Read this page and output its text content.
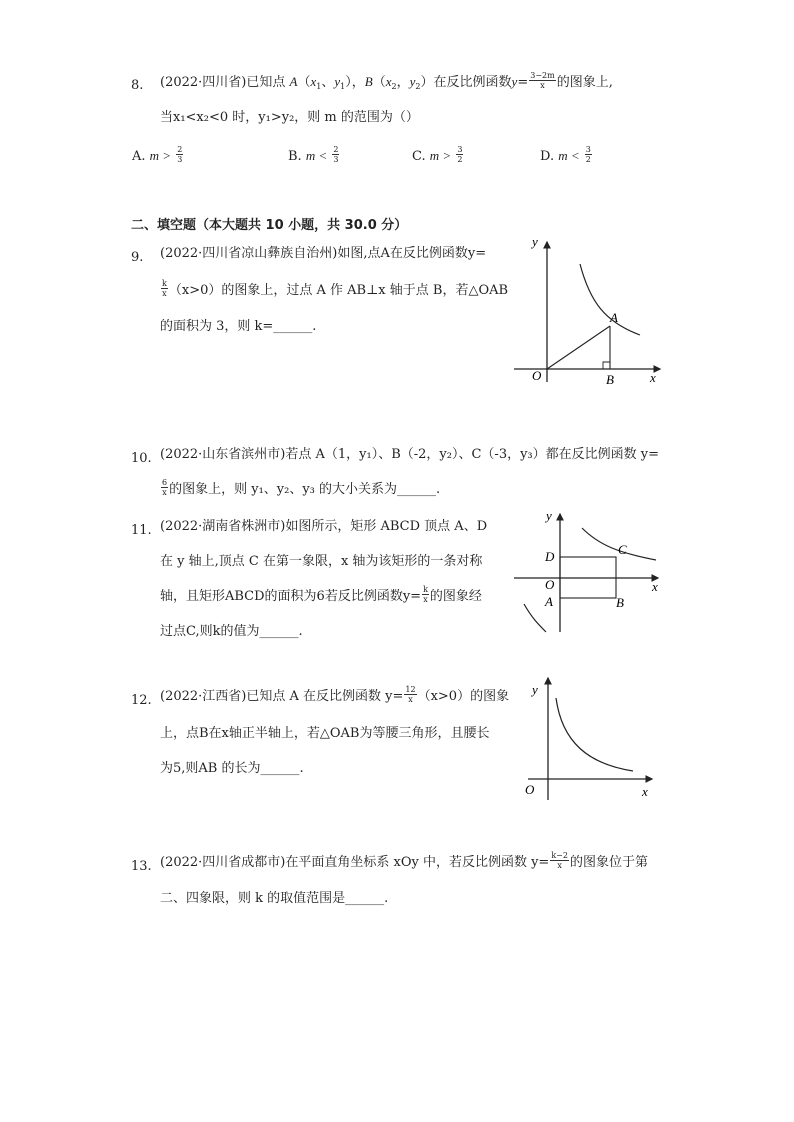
8. (2022·四川省)已知点 $A(x_1$、$y_1$），$B(x_2$，$y_2$）在反比例函数$y= \frac{3-2m}{x}$ 的图象上,
当x₁<x₂<0 时，y₁>y₂，则 m 的范围为（）
A. $m > \frac{2}{3}$	B. $m < \frac{2}{3}$	C. $m > \frac{3}{2}$	D. $m < \frac{3}{2}$
二、填空题（本大题共 10 小题，共 30.0 分）
9. (2022·四川省凉山彝族自治州)如图,点A在反比例函数y=
$\frac{k}{x} (x>0)$的图象上，过点 A 作 AB⊥x 轴于点 B，若△OAB
的面积为 3，则 k=______.
y
O	x
A
B
10. (2022·山东省滨州市)若点 A（1，y₁）、B（-2，y₂）、C（-3，y₃）都在反比例函数 y=
$\frac{6}{x}$ 的图象上，则 y₁、y₂、y₃ 的大小关系为______.
11. (2022·湖南省株洲市)如图所示，矩形 ABCD 顶点 A、D
在 y 轴上,顶点 C 在第一象限，x 轴为该矩形的一条对称
轴，且矩形ABCD的面积为6若反比例函数$y= \frac{k}{x}$ 的图象经
过点C,则k的值为______.
y
D	C
O	x
A	B
12. (2022·江西省)已知点 A 在反比例函数 $y= \frac{12}{x} (x>0)$的图象
上，点B在x轴正半轴上，若△OAB为等腰三角形，且腰长
为5,则AB 的长为______.
y
O	x
13. (2022·四川省成都市)在平面直角坐标系 xOy 中，若反比例函数 $y= \frac{k-2}{x}$ 的图象位于第
二、四象限，则 k 的取值范围是______.
